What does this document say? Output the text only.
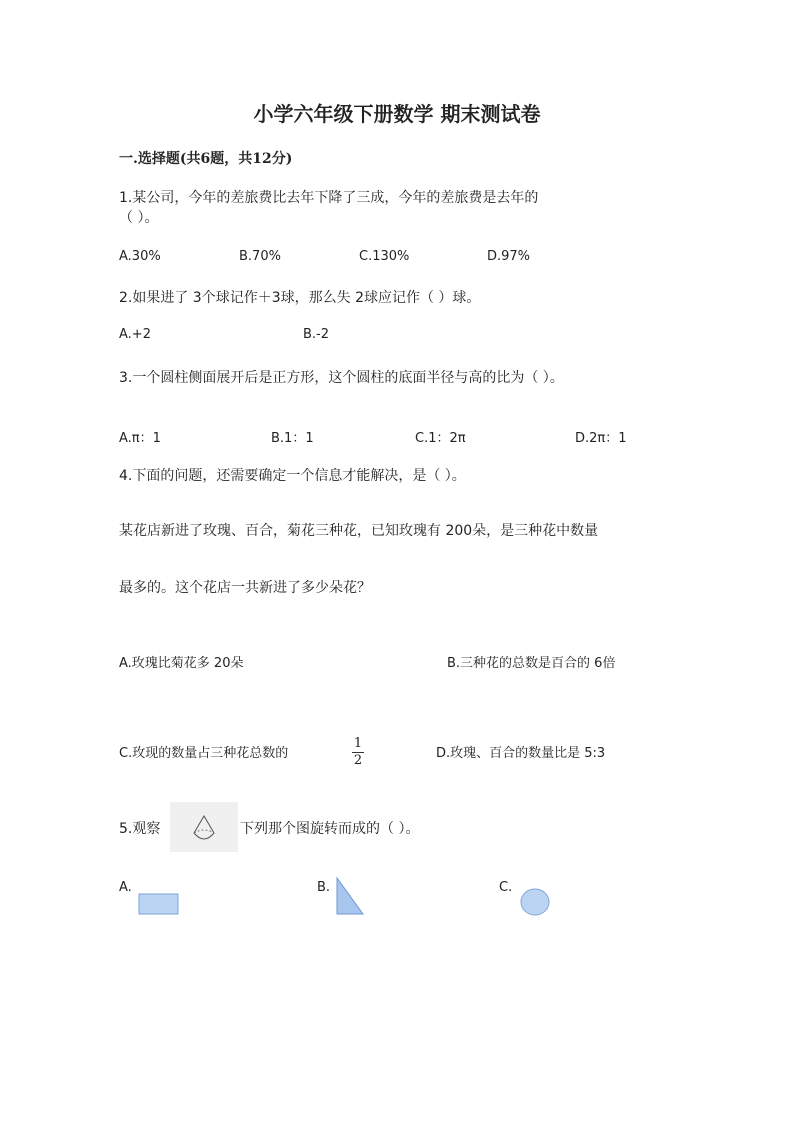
小学六年级下册数学 期末测试卷
一.选择题(共6题，共12分)
1.某公司，今年的差旅费比去年下降了三成，今年的差旅费是去年的
（ ）。
A.30%	B.70%	C.130%	D.97%
2.如果进了 3个球记作＋3球，那么失 2球应记作（ ）球。
A.+2	B.-2
3.一个圆柱侧面展开后是正方形，这个圆柱的底面半径与高的比为（ ）。
A.π：1	B.1：1	C.1：2π	D.2π：1
4.下面的问题，还需要确定一个信息才能解决，是（ ）。
某花店新进了玫瑰、百合，菊花三种花，已知玫瑰有 200朵，是三种花中数量
最多的。这个花店一共新进了多少朵花？
A.玫瑰比菊花多 20朵	B.三种花的总数是百合的 6倍
C.玫现的数量占三种花总数的
1
2	D.玫瑰、百合的数量比是 5:3
5.观察	下列那个图旋转而成的（ ）。
A.	B.	C.
